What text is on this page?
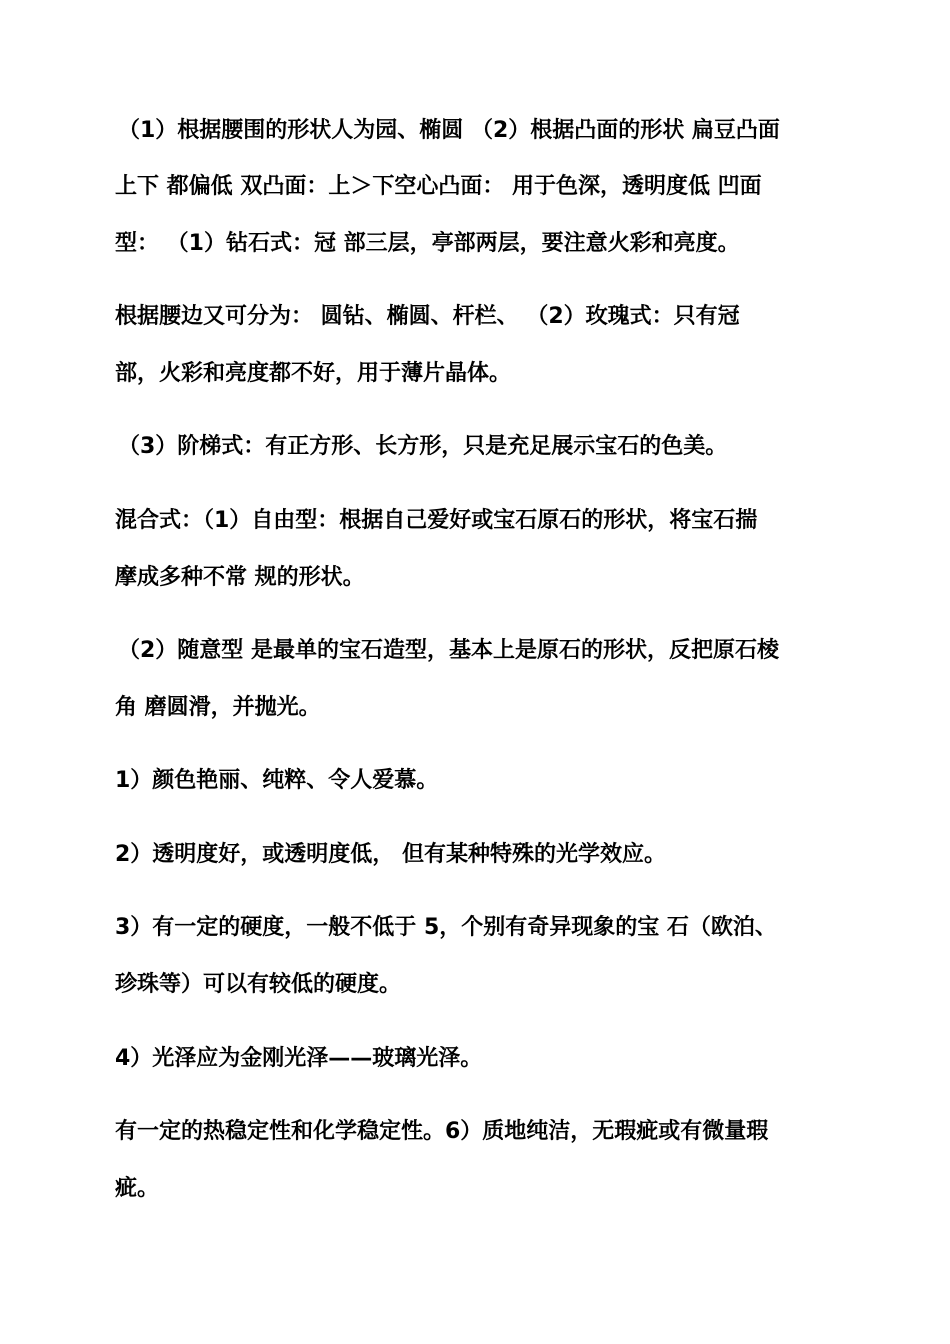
（1）根据腰围的形状人为园、椭圆 （2）根据凸面的形状 扁豆凸面
上下 都偏低 双凸面：上＞下空心凸面： 用于色深，透明度低 凹面
型： （1）钻石式：冠 部三层，亭部两层，要注意火彩和亮度。
根据腰边又可分为： 圆钻、椭圆、杆栏、 （2）玫瑰式：只有冠
部，火彩和亮度都不好，用于薄片晶体。
（3）阶梯式：有正方形、长方形，只是充足展示宝石的色美。
混合式：（1）自由型：根据自己爱好或宝石原石的形状，将宝石揣
摩成多种不常 规的形状。
（2）随意型 是最单的宝石造型，基本上是原石的形状，反把原石棱
角 磨圆滑，并抛光。
1）颜色艳丽、纯粹、令人爱慕。
2）透明度好，或透明度低， 但有某种特殊的光学效应。
3）有一定的硬度，一般不低于 5，个别有奇异现象的宝 石（欧泊、
珍珠等）可以有较低的硬度。
4）光泽应为金刚光泽——玻璃光泽。
有一定的热稳定性和化学稳定性。6）质地纯洁，无瑕疵或有微量瑕
疵。
